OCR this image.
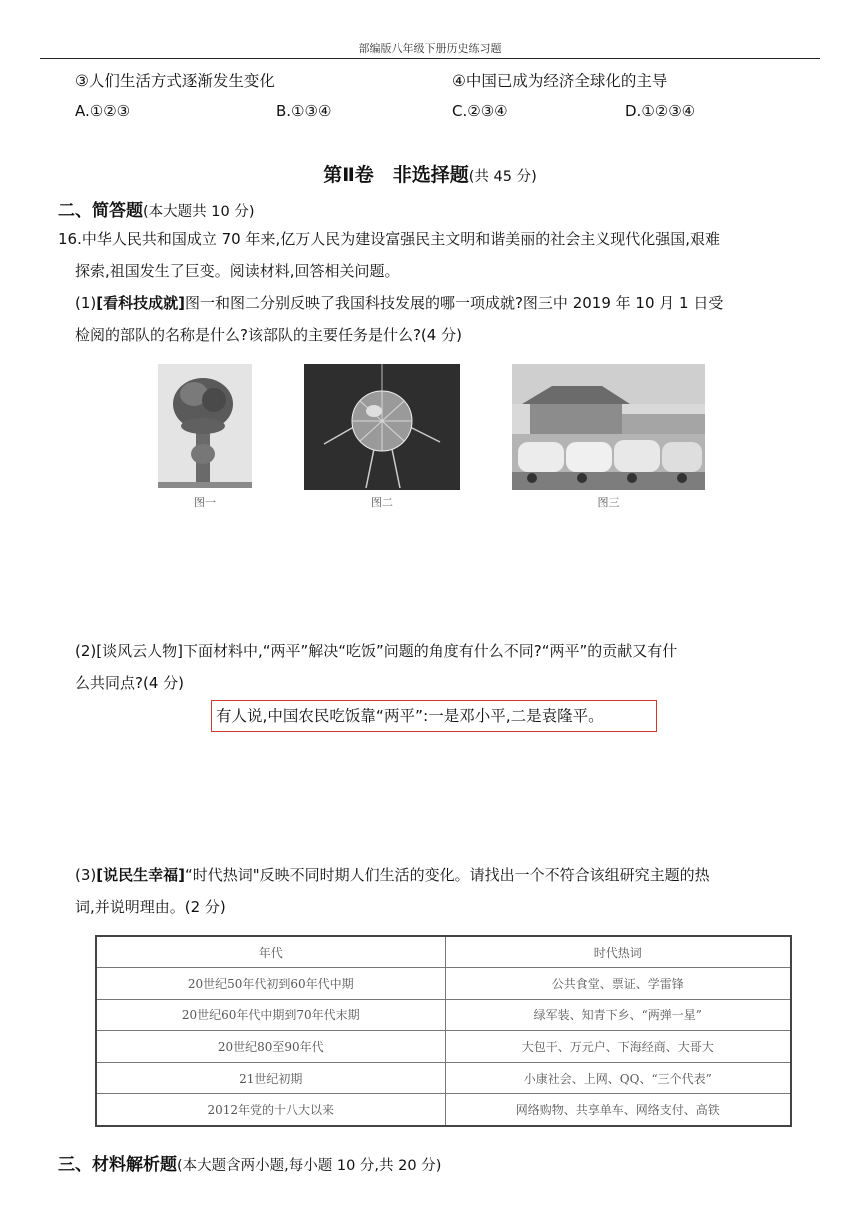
部编版八年级下册历史练习题
③人们生活方式逐渐发生变化	④中国已成为经济全球化的主导
A.①②③	B.①③④	C.②③④	D.①②③④
第Ⅱ卷　非选择题(共 45 分)
二、简答题(本大题共 10 分)
16.中华人民共和国成立 70 年来,亿万人民为建设富强民主文明和谐美丽的社会主义现代化强国,艰难
探索,祖国发生了巨变。阅读材料,回答相关问题。
(1)[看科技成就]图一和图二分别反映了我国科技发展的哪一项成就?图三中 2019 年 10 月 1 日受
检阅的部队的名称是什么?该部队的主要任务是什么?(4 分)
图一	图二	图三
(2)[谈风云人物]下面材料中,“两平”解决“吃饭”问题的角度有什么不同?“两平”的贡献又有什
么共同点?(4 分)
有人说,中国农民吃饭靠“两平”:一是邓小平,二是袁隆平。
(3)[说民生幸福]“时代热词"反映不同时期人们生活的变化。请找出一个不符合该组研究主题的热
词,并说明理由。(2 分)
年代	时代热词
20世纪50年代初到60年代中期	公共食堂、票证、学雷锋
20世纪60年代中期到70年代末期	绿军装、知青下乡、“两弹一星”
20世纪80至90年代	大包干、万元户、下海经商、大哥大
21世纪初期	小康社会、上网、QQ、“三个代表”
2012年党的十八大以来	网络购物、共享单车、网络支付、高铁
三、材料解析题(本大题含两小题,每小题 10 分,共 20 分)
